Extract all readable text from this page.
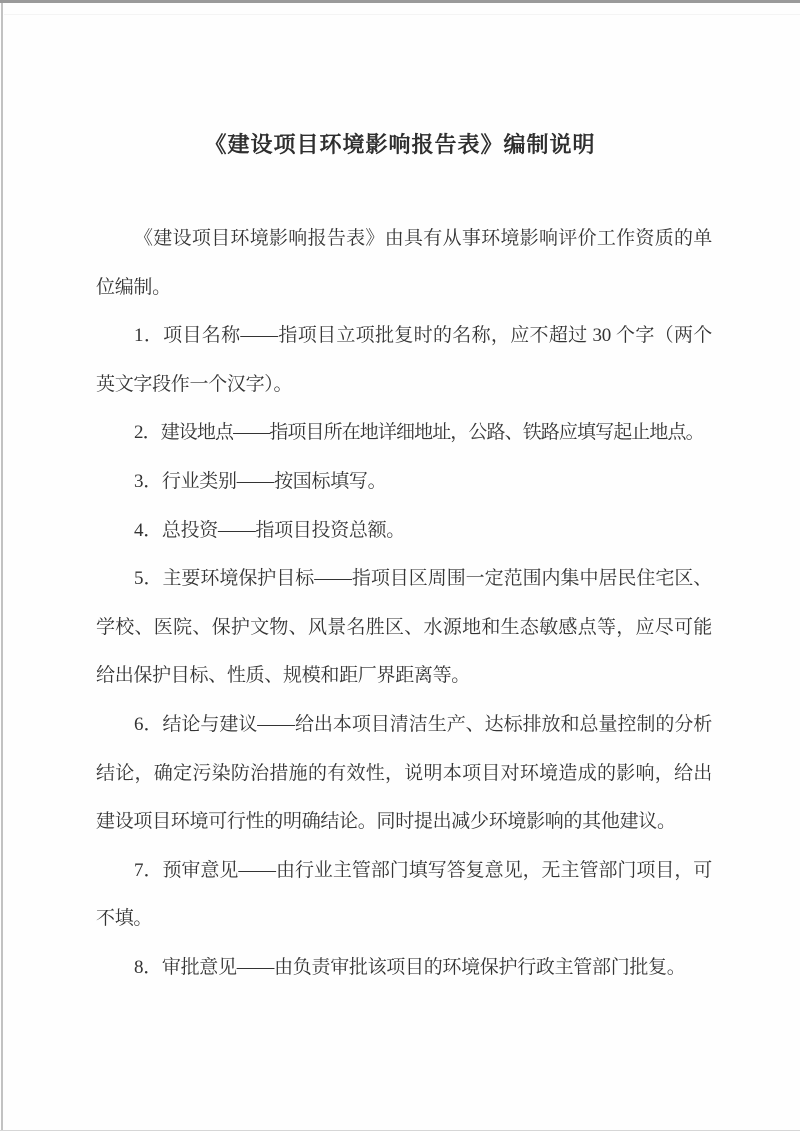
《建设项目环境影响报告表》编制说明
《建设项目环境影响报告表》由具有从事环境影响评价工作资质的单
位编制。
1．项目名称——指项目立项批复时的名称，应不超过 30 个字（两个
英文字段作一个汉字）。
2．建设地点——指项目所在地详细地址，公路、铁路应填写起止地点。
3．行业类别——按国标填写。
4．总投资——指项目投资总额。
5．主要环境保护目标——指项目区周围一定范围内集中居民住宅区、
学校、医院、保护文物、风景名胜区、水源地和生态敏感点等，应尽可能
给出保护目标、性质、规模和距厂界距离等。
6．结论与建议——给出本项目清洁生产、达标排放和总量控制的分析
结论，确定污染防治措施的有效性，说明本项目对环境造成的影响，给出
建设项目环境可行性的明确结论。同时提出减少环境影响的其他建议。
7．预审意见——由行业主管部门填写答复意见，无主管部门项目，可
不填。
8．审批意见——由负责审批该项目的环境保护行政主管部门批复。
